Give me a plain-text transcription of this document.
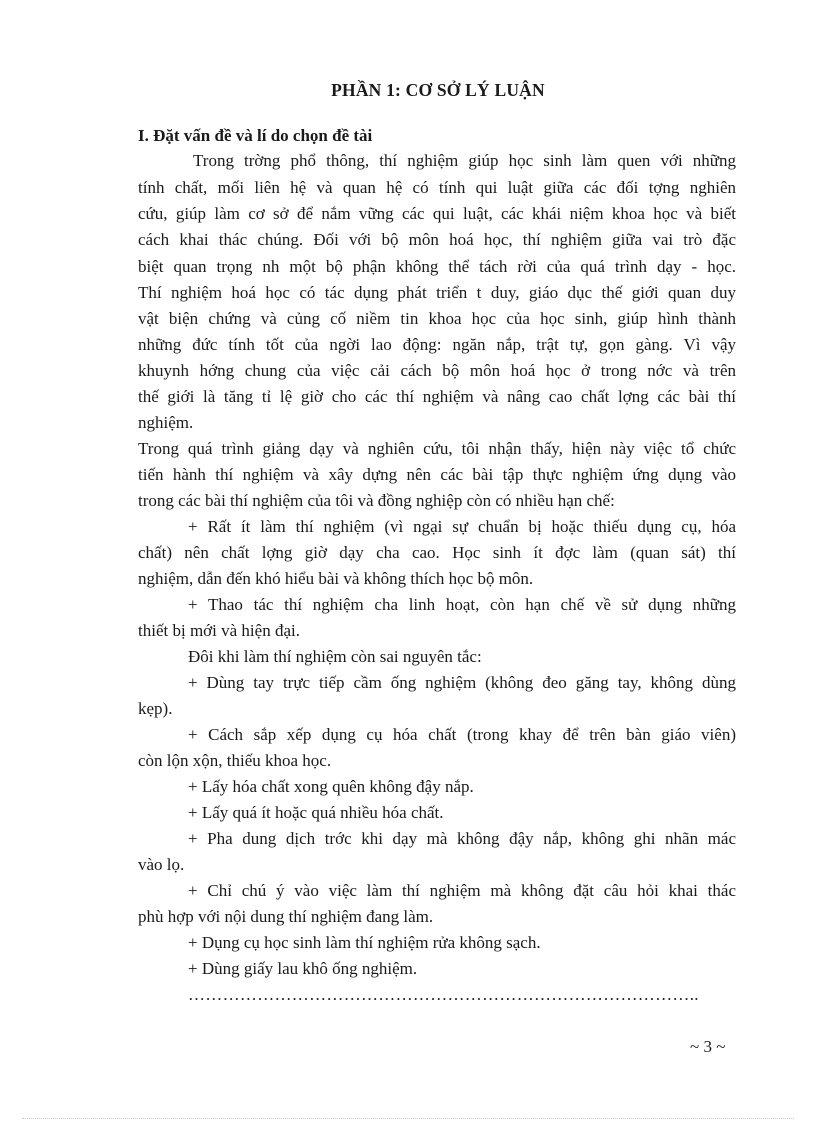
PHẦN 1: CƠ SỞ LÝ LUẬN
I. Đặt vấn đề và lí do chọn đề tài
Trong trờng phổ thông, thí nghiệm giúp học sinh làm quen với những
tính chất, mối liên hệ và quan hệ có tính qui luật giữa các đối tợng nghiên
cứu, giúp làm cơ sở để nắm vững các qui luật, các khái niệm khoa học và biết
cách khai thác chúng. Đối với bộ môn hoá học, thí nghiệm giữa vai trò đặc
biệt quan trọng nh một bộ phận không thể tách rời của quá trình dạy - học.
Thí nghiệm hoá học có tác dụng phát triển t duy, giáo dục thế giới quan duy
vật biện chứng và củng cố niềm tin khoa học của học sinh, giúp hình thành
những đức tính tốt của ngời lao động: ngăn nắp, trật tự, gọn gàng. Vì vậy
khuynh hớng chung của việc cải cách bộ môn hoá học ở trong nớc và trên
thế giới là tăng tỉ lệ giờ cho các thí nghiệm và nâng cao chất lợng các bài thí
nghiệm.
Trong quá trình giảng dạy và nghiên cứu, tôi nhận thấy, hiện này việc tổ chức
tiến hành thí nghiệm và xây dựng nên các bài tập thực nghiệm ứng dụng vào
trong các bài thí nghiệm của tôi và đồng nghiệp còn có nhiều hạn chế:
+ Rất ít làm thí nghiệm (vì ngại sự chuẩn bị hoặc thiếu dụng cụ, hóa
chất) nên chất lợng giờ dạy cha cao. Học sinh ít đợc làm (quan sát) thí
nghiệm, dẫn đến khó hiểu bài và không thích học bộ môn.
+ Thao tác thí nghiệm cha linh hoạt, còn hạn chế về sử dụng những
thiết bị mới và hiện đại.
Đôi khi làm thí nghiệm còn sai nguyên tắc:
+ Dùng tay trực tiếp cầm ống nghiệm (không đeo găng tay, không dùng
kẹp).
+ Cách sắp xếp dụng cụ hóa chất (trong khay để trên bàn giáo viên)
còn lộn xộn, thiếu khoa học.
+ Lấy hóa chất xong quên không đậy nắp.
+ Lấy quá ít hoặc quá nhiều hóa chất.
+ Pha dung dịch trớc khi dạy mà không đậy nắp, không ghi nhãn mác
vào lọ.
+ Chỉ chú ý vào việc làm thí nghiệm mà không đặt câu hỏi khai thác
phù hợp với nội dung thí nghiệm đang làm.
+ Dụng cụ học sinh làm thí nghiệm rửa không sạch.
+ Dùng giấy lau khô ống nghiệm.
……………………………………………………………………………..
~ 3 ~
